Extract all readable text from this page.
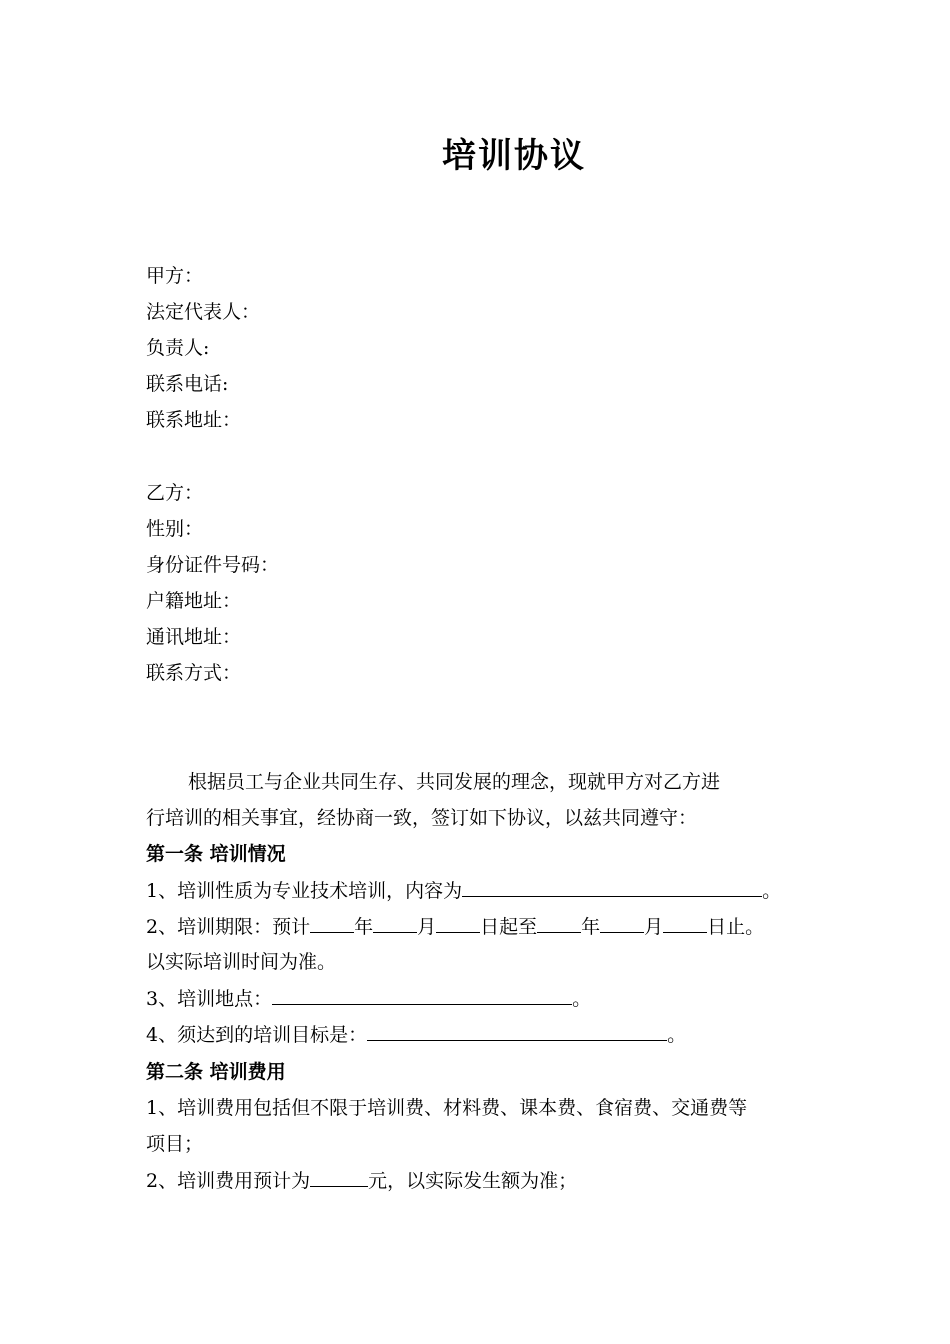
培训协议
甲方：
法定代表人：
负责人:
联系电话:
联系地址：
乙方：
性别：
身份证件号码：
户籍地址：
通讯地址：
联系方式：
根据员工与企业共同生存、共同发展的理念，现就甲方对乙方进
行培训的相关事宜，经协商一致，签订如下协议，以兹共同遵守：
第一条 培训情况
1、培训性质为专业技术培训，内容为	。
2、培训期限：预计 年 月 日起至 年 月 日止。
以实际培训时间为准。
3、培训地点：	。
4、须达到的培训目标是：	。
第二条 培训费用
1、培训费用包括但不限于培训费、材料费、课本费、食宿费、交通费等
项目；
2、培训费用预计为	元，以实际发生额为准；
